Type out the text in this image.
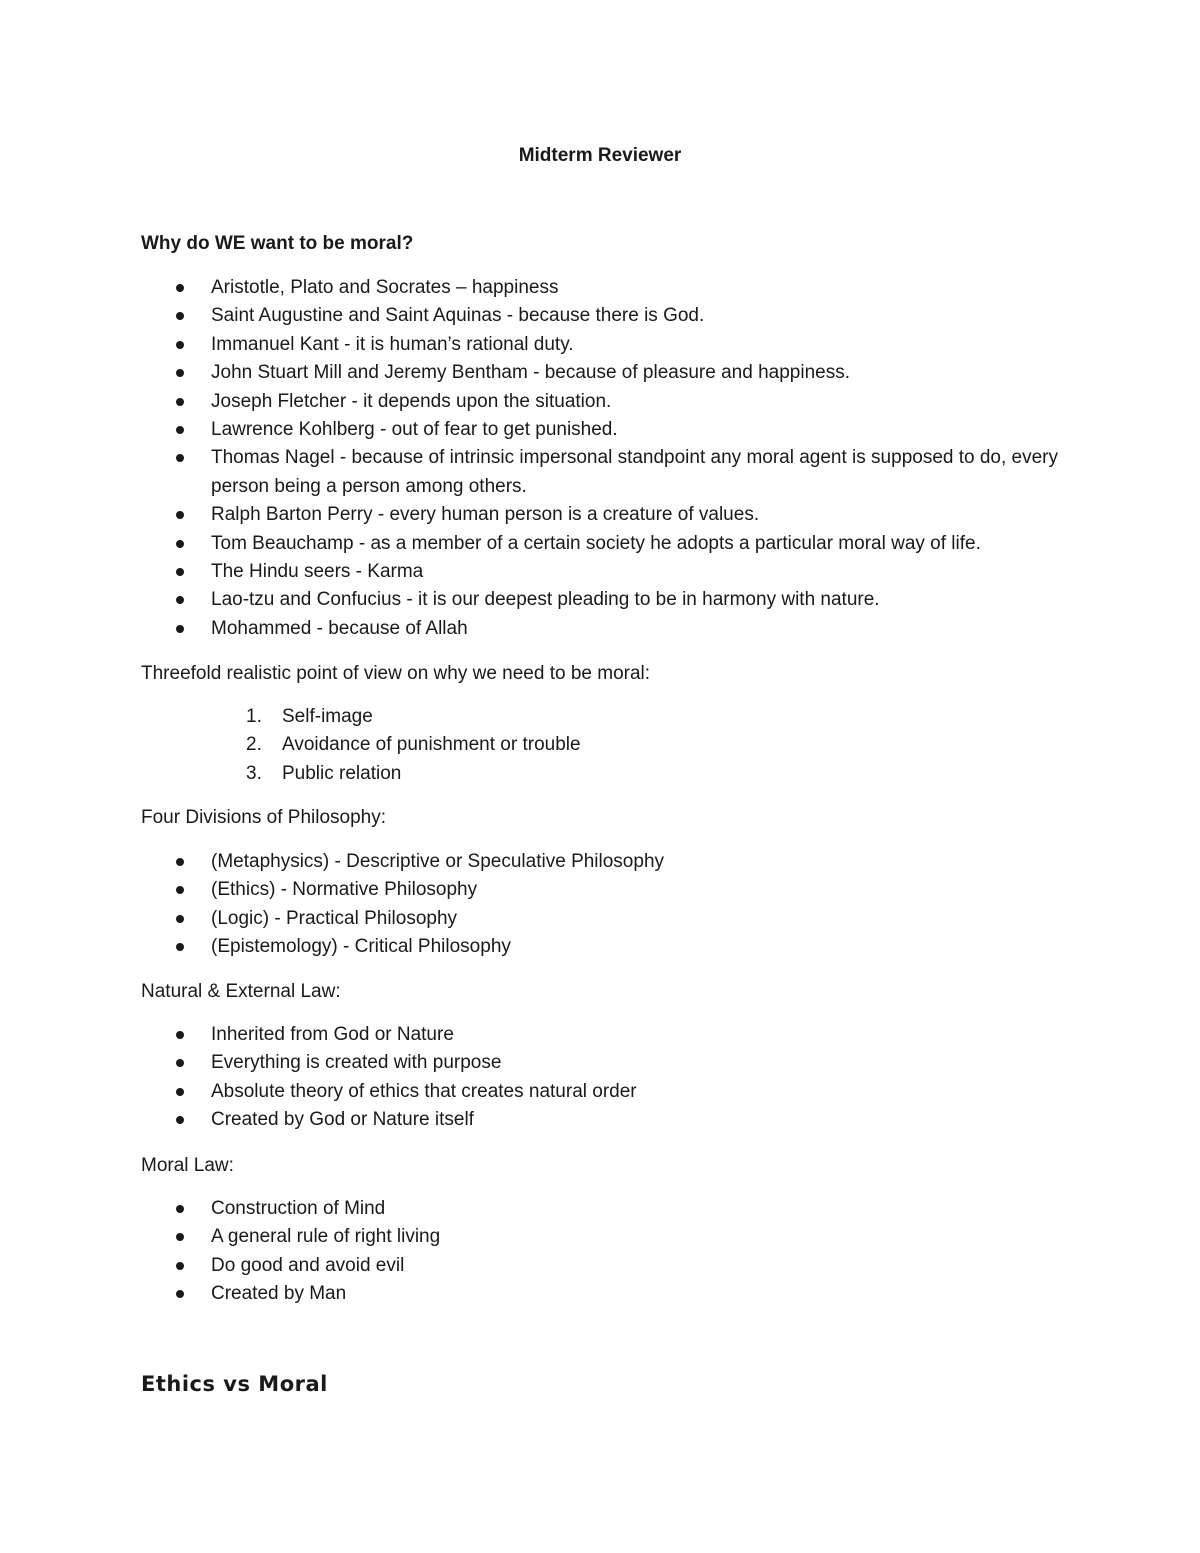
Midterm Reviewer
Why do WE want to be moral?
Aristotle, Plato and Socrates – happiness
Saint Augustine and Saint Aquinas - because there is God.
Immanuel Kant - it is human’s rational duty.
John Stuart Mill and Jeremy Bentham - because of pleasure and happiness.
Joseph Fletcher - it depends upon the situation.
Lawrence Kohlberg - out of fear to get punished.
Thomas Nagel - because of intrinsic impersonal standpoint any moral agent is supposed to do, every person being a person among others.
Ralph Barton Perry - every human person is a creature of values.
Tom Beauchamp - as a member of a certain society he adopts a particular moral way of life.
The Hindu seers - Karma
Lao-tzu and Confucius - it is our deepest pleading to be in harmony with nature.
Mohammed - because of Allah
Threefold realistic point of view on why we need to be moral:
1. Self-image
2. Avoidance of punishment or trouble
3. Public relation
Four Divisions of Philosophy:
(Metaphysics) - Descriptive or Speculative Philosophy
(Ethics) - Normative Philosophy
(Logic) - Practical Philosophy
(Epistemology) - Critical Philosophy
Natural & External Law:
Inherited from God or Nature
Everything is created with purpose
Absolute theory of ethics that creates natural order
Created by God or Nature itself
Moral Law:
Construction of Mind
A general rule of right living
Do good and avoid evil
Created by Man
Ethics vs Moral
